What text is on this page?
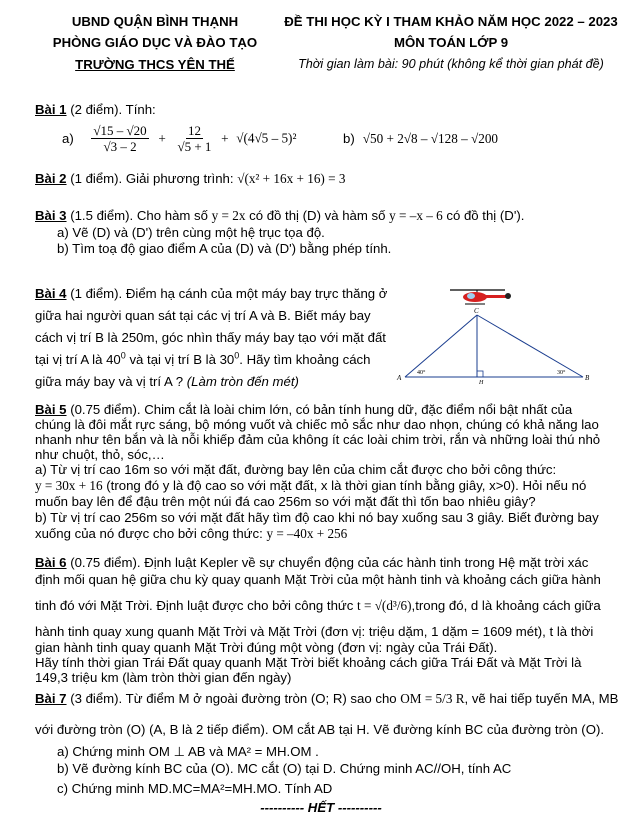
UBND QUẬN BÌNH THẠNH
PHÒNG GIÁO DỤC VÀ ĐÀO TẠO
TRƯỜNG THCS YÊN THẾ
ĐỀ THI HỌC KỲ I THAM KHẢO NĂM HỌC 2022 – 2023
MÔN TOÁN LỚP 9
Thời gian làm bài: 90 phút (không kể thời gian phát đề)
Bài 1 (2 điểm). Tính:
$a) \frac{√15 - √20}{√3 - 2} + \frac{12}{√5 + 1} + √(4√5 - 5)^2$	b) √50 + 2√8 – √128 – √200
Bài 2 (1 điểm). Giải phương trình: √(x² + 16x + 16) = 3
Bài 3 (1.5 điểm). Cho hàm số y = 2x có đồ thị (D) và hàm số y = –x – 6 có đồ thị (D').
a) Vẽ (D) và (D') trên cùng một hệ trục tọa độ.
b) Tìm toạ độ giao điểm A của (D) và (D') bằng phép tính.
Bài 4 (1 điểm). Điểm hạ cánh của một máy bay trực thăng ở
giữa hai người quan sát tại các vị trí A và B. Biết máy bay
cách vị trí B là 250m, góc nhìn thấy máy bay tạo với mặt đất
tại vị trí A là $40^0$ và tại vị trí B là $30^0$. Hãy tìm khoảng cách
giữa máy bay và vị trí A ? (Làm tròn đến mét)
C
A	B
H
40°	30°
Bài 5 (0.75 điểm). Chim cắt là loài chim lớn, có bản tính hung dữ, đặc điểm nổi bật nhất của
chúng là đôi mắt rực sáng, bộ móng vuốt và chiếc mỏ sắc như dao nhọn, chúng có khả năng lao
nhanh như tên bắn và là nỗi khiếp đảm của không ít các loài chim trời, rắn và những loài thú nhỏ
như chuột, thỏ, sóc,…
a) Từ vị trí cao 16m so với mặt đất, đường bay lên của chim cắt được cho bởi công thức:
y = 30x + 16 (trong đó y là độ cao so với mặt đất, x là thời gian tính bằng giây, x>0). Hỏi nếu nó
muốn bay lên để đậu trên một núi đá cao 256m so với mặt đất thì tốn bao nhiêu giây?
b) Từ vị trí cao 256m so với mặt đất hãy tìm độ cao khi nó bay xuống sau 3 giây. Biết đường bay
xuống của nó được cho bởi công thức: y = –40x + 256
Bài 6 (0.75 điểm). Định luật Kepler về sự chuyển động của các hành tinh trong Hệ mặt trời xác
định mối quan hệ giữa chu kỳ quay quanh Mặt Trời của một hành tinh và khoảng cách giữa hành
tinh đó với Mặt Trời. Định luật được cho bởi công thức t = √(d³/6),trong đó, d là khoảng cách giữa
hành tinh quay xung quanh Mặt Trời và Mặt Trời (đơn vị: triệu dặm, 1 dặm = 1609 mét), t là thời
gian hành tinh quay quanh Mặt Trời đúng một vòng (đơn vị: ngày của Trái Đất).
Hãy tính thời gian Trái Đất quay quanh Mặt Trời biết khoảng cách giữa Trái Đất và Mặt Trời là
149,3 triệu km (làm tròn thời gian đến ngày)
Bài 7 (3 điểm). Từ điểm M ở ngoài đường tròn (O; R) sao cho OM = 5/3 R, vẽ hai tiếp tuyến MA, MB
với đường tròn (O) (A, B là 2 tiếp điểm). OM cắt AB tại H. Vẽ đường kính BC của đường tròn (O).
a) Chứng minh OM ⊥ AB và MA² = MH.OM .
b) Vẽ đường kính BC của (O). MC cắt (O) tại D. Chứng minh AC//OH, tính AC
c) Chứng minh MD.MC=MA²=MH.MO. Tính AD
---------- HẾT ----------
